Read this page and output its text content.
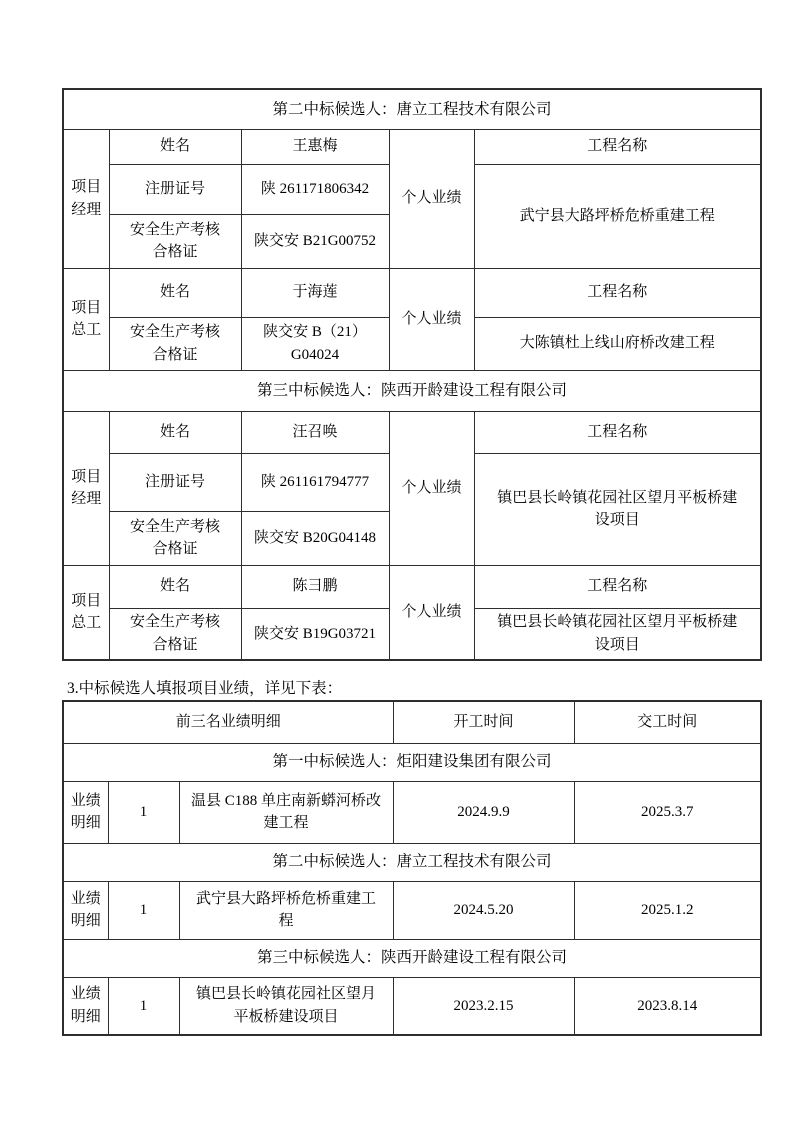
第二中标候选人：唐立工程技术有限公司				
项目经理	姓名	王惠梅	个人业绩	工程名称
	注册证号	陕 261171806342		武宁县大路坪桥危桥重建工程
	安全生产考核合格证	陕交安 B21G00752		
项目总工	姓名	于海莲	个人业绩	工程名称
	安全生产考核合格证	陕交安 B（21）G04024		大陈镇杜上线山府桥改建工程
第三中标候选人：陕西开龄建设工程有限公司				
项目经理	姓名	汪召唤	个人业绩	工程名称
	注册证号	陕 261161794777		镇巴县长岭镇花园社区望月平板桥建设项目
	安全生产考核合格证	陕交安 B20G04148		
项目总工	姓名	陈彐鹏	个人业绩	工程名称
	安全生产考核合格证	陕交安 B19G03721		镇巴县长岭镇花园社区望月平板桥建设项目
3.中标候选人填报项目业绩，详见下表：
前三名业绩明细			开工时间	交工时间
第一中标候选人：炬阳建设集团有限公司				
业绩明细	1	温县 C188 单庄南新蟒河桥改建工程	2024.9.9	2025.3.7
第二中标候选人：唐立工程技术有限公司				
业绩明细	1	武宁县大路坪桥危桥重建工程	2024.5.20	2025.1.2
第三中标候选人：陕西开龄建设工程有限公司				
业绩明细	1	镇巴县长岭镇花园社区望月平板桥建设项目	2023.2.15	2023.8.14
